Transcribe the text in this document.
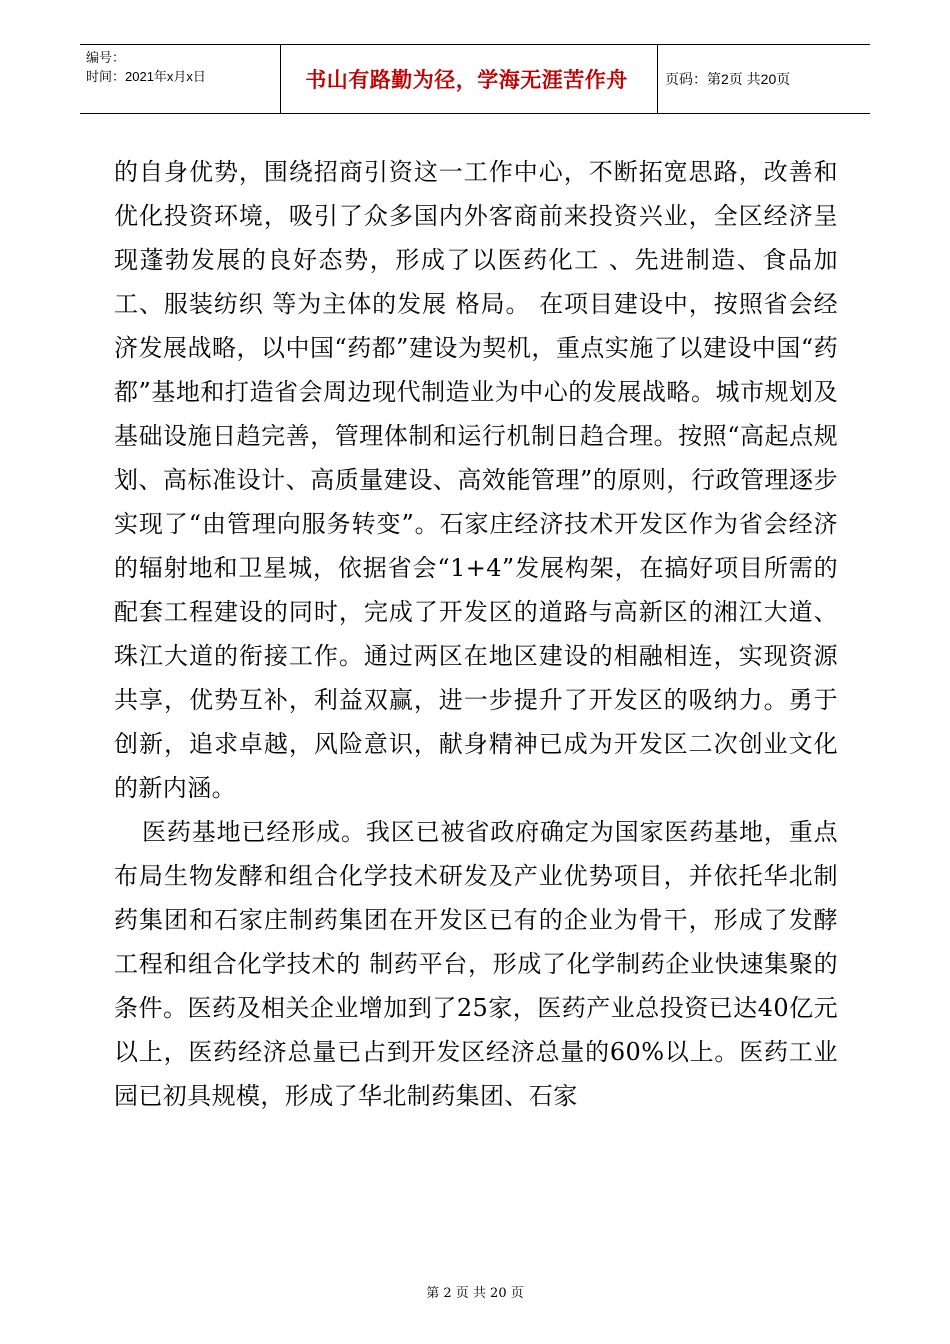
编号：
时间：2021年x月x日	书山有路勤为径，学海无涯苦作舟	页码：第2页 共20页

的自身优势，围绕招商引资这一工作中心，不断拓宽思路，改善和优化投资环境，吸引了众多国内外客商前来投资兴业，全区经济呈现蓬勃发展的良好态势，形成了以医药化工 、先进制造、食品加工、服装纺织 等为主体的发展 格局。 在项目建设中，按照省会经济发展战略，以中国“药都”建设为契机，重点实施了以建设中国“药都”基地和打造省会周边现代制造业为中心的发展战略。城市规划及基础设施日趋完善，管理体制和运行机制日趋合理。按照“高起点规划、高标准设计、高质量建设、高效能管理”的原则，行政管理逐步实现了“由管理向服务转变”。石家庄经济技术开发区作为省会经济的辐射地和卫星城，依据省会“1+4”发展构架，在搞好项目所需的配套工程建设的同时，完成了开发区的道路与高新区的湘江大道、珠江大道的衔接工作。通过两区在地区建设的相融相连，实现资源共享，优势互补，利益双赢，进一步提升了开发区的吸纳力。勇于创新，追求卓越，风险意识，献身精神已成为开发区二次创业文化的新内涵。

医药基地已经形成。我区已被省政府确定为国家医药基地，重点布局生物发酵和组合化学技术研发及产业优势项目，并依托华北制药集团和石家庄制药集团在开发区已有的企业为骨干，形成了发酵工程和组合化学技术的 制药平台，形成了化学制药企业快速集聚的条件。医药及相关企业增加到了25家，医药产业总投资已达40亿元以上，医药经济总量已占到开发区经济总量的60%以上。医药工业园已初具规模，形成了华北制药集团、石家

第 2 页 共 20 页
